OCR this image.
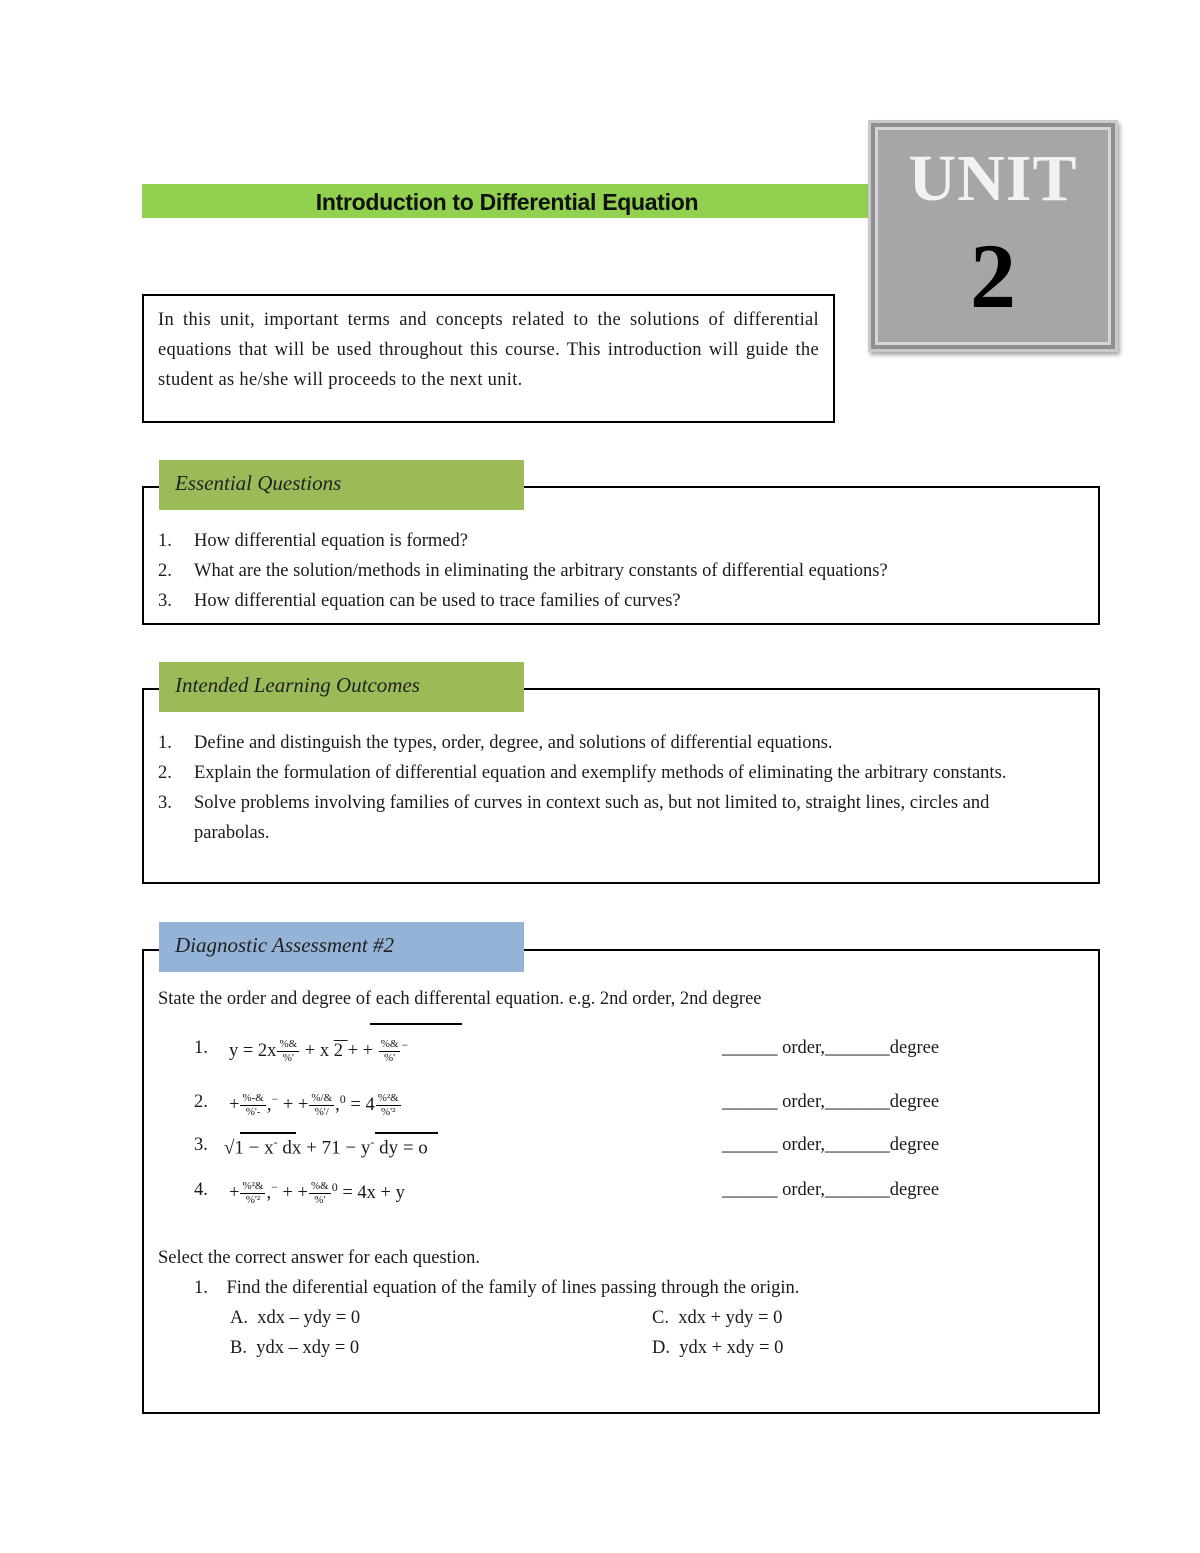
Introduction to Differential Equation	UNIT
2
In this unit, important terms and concepts related to the solutions of differential equations that will be used throughout this course. This introduction will guide the student as he/she will proceeds to the next unit.
1. How differential equation is formed?
2. What are the solution/methods in eliminating the arbitrary constants of differential equations?
3. How differential equation can be used to trace families of curves?
Essential Questions
1. Define and distinguish the types, order, degree, and solutions of differential equations.
2. Explain the formulation of differential equation and exemplify methods of eliminating the arbitrary constants.
3. Solve problems involving families of curves in context such as, but not limited to, straight lines, circles and parabolas.
Intended Learning Outcomes
State the order and degree of each differental equation. e.g. 2nd order, 2nd degree
1. $y = 2x \frac{\%\&}{\%'} + x$ 2 + + $\frac{\%\&}{\%'} ^-$	______ order,_______degree
2. + $\frac{\%-\&}{\%'-} ,^-$ + + $\frac{\%/\&}{\%'/} ,^0 = 4 \frac{\text{\%²\&}}{\text{\%'²}}$	______ order,_______degree
3. √1 − x- dx + 71 − y- dy = o	______ order,_______degree
4. + $\frac{\text{\%²\&}}{\text{\%'²}} ,^-$ + + $\frac{\%\&}{\%'} ^0 = 4x + y$	______ order,_______degree
Select the correct answer for each question.
1. Find the diferential equation of the family of lines passing through the origin.
A. xdx – ydy = 0
B. ydx – xdy = 0
C. xdx + ydy = 0
D. ydx + xdy = 0
Diagnostic Assessment #2
